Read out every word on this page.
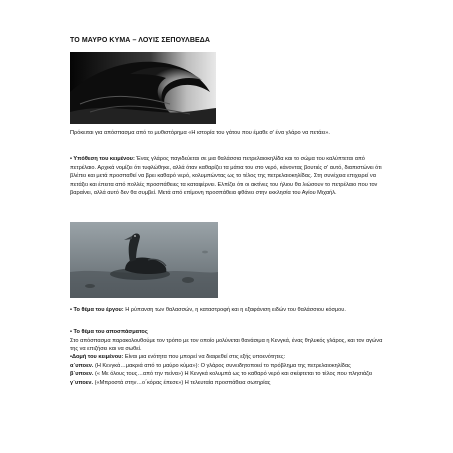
ΤΟ ΜΑΥΡΟ ΚΥΜΑ – ΛΟΥΙΣ ΣΕΠΟΥΛΒΕΔΑ
Πρόκειται για απόσπασμα από το μυθιστόρημα «Η ιστορία του γάτου που έμαθε σ' ένα γλάρο να πετάει».
• Υπόθεση του κειμένου: Ένας γλάρος παγιδεύεται σε μια θαλάσσια πετρελαιοκηλίδα και το σώμα του καλύπτεται από πετρέλαιο. Αρχικά νομίζει ότι τυφλώθηκε, αλλά όταν καθαρίζει τα μάτια του στο νερό, κάνοντας βουτιές σ' αυτό, διαπιστώνει ότι βλέπει και μετά προσπαθεί να βρει καθαρό νερό, κολυμπώντας ως το τέλος της πετρελαιοκηλίδας. Στη συνέχεια επιχειρεί να πετάξει και έπειτα από πολλές προσπάθειες τα καταφέρνει. Ελπίζει ότι οι ακτίνες του ήλιου θα λιώσουν το πετρέλαιο που τον βαραίνει, αλλά αυτό δεν θα συμβεί. Μετά από επίμονη προσπάθεια φθάνει στην εκκλησία του Αγίου Μιχαήλ.
• Το θέμα του έργου: Η ρύπανση των θαλασσών, η καταστροφή και η εξαφάνιση ειδών του θαλάσσιου κόσμου.
• Το θέμα του αποσπάσματος
Στο απόσπασμα παρακολουθούμε τον τρόπο με τον οποίο μολύνεται θανάσιμα η Κενγκά, ένας θηλυκός γλάρος, και τον αγώνα της να επιζήσει και να σωθεί.
•Δομή του κειμένου: Είναι μια ενότητα που μπορεί να διαιρεθεί στις εξής υποενότητες:
α΄υποεν. (Η Κενγκά…μακριά από το μαύρο κύμα»): Ο γλάρος συνειδητοποιεί το πρόβλημα της πετρελαιοκηλίδας
β΄υποεν. (« Με όλους τους…από την πείνα») Η Κενγκά κολυμπά ως το καθαρό νερό και σκέφτεται το τέλος που πλησιάζει
γ΄υποεν. («Μπροστά στην…ο΄κόρας έπεσε») Η τελευταία προσπάθεια σωτηρίας
